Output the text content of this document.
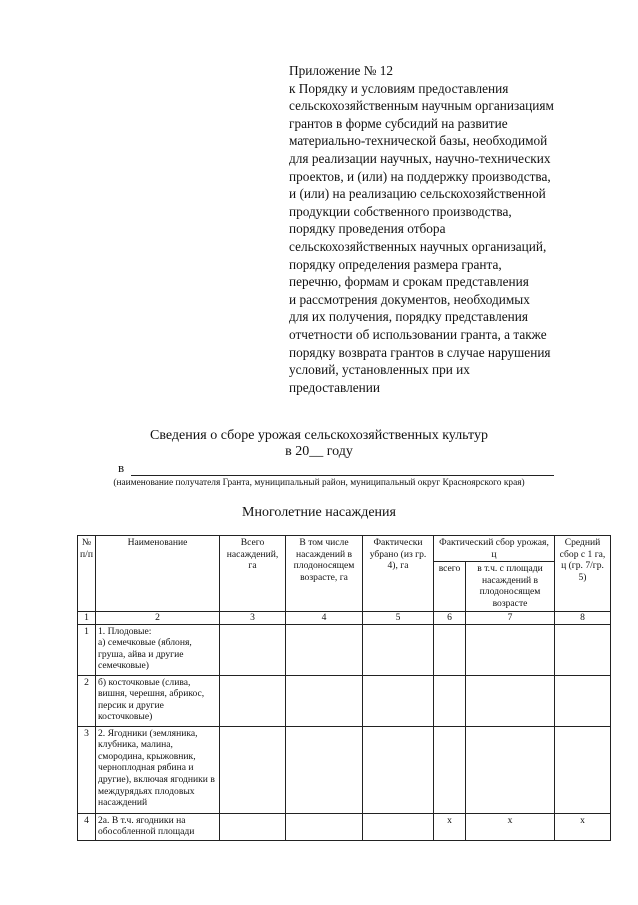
Приложение № 12
к Порядку и условиям предоставления
сельскохозяйственным научным организациям
грантов в форме субсидий на развитие
материально-технической базы, необходимой
для реализации научных, научно-технических
проектов, и (или) на поддержку производства,
и (или) на реализацию сельскохозяйственной
продукции собственного производства,
порядку проведения отбора
сельскохозяйственных научных организаций,
порядку определения размера гранта,
перечню, формам и срокам представления
и рассмотрения документов, необходимых
для их получения, порядку представления
отчетности об использовании гранта, а также
порядку возврата грантов в случае нарушения
условий, установленных при их
предоставлении
Сведения о сборе урожая сельскохозяйственных культур
в 20__ году
в
(наименование получателя Гранта, муниципальный район, муниципальный округ Красноярского края)
Многолетние насаждения
№ п/п	Наименование	Всего насаждений, га	В том числе насаждений в плодоносящем возрасте, га	Фактически убрано (из гр. 4), га	Фактический сбор урожая, ц		Средний сбор с 1 га, ц (гр. 7/гр. 5)
					всего	в т.ч. с площади насаждений в плодоносящем возрасте	
1	2	3	4	5	6	7	8
1	1. Плодовые:
а) семечковые (яблоня, груша, айва и другие семечковые)						
2	б) косточковые (слива, вишня, черешня, абрикос, персик и другие косточковые)						
3	2. Ягодники (земляника, клубника, малина, смородина, крыжовник, черноплодная рябина и другие), включая ягодники в междурядьях плодовых насаждений						
4	2а. В т.ч. ягодники на обособленной площади				х	х	х
